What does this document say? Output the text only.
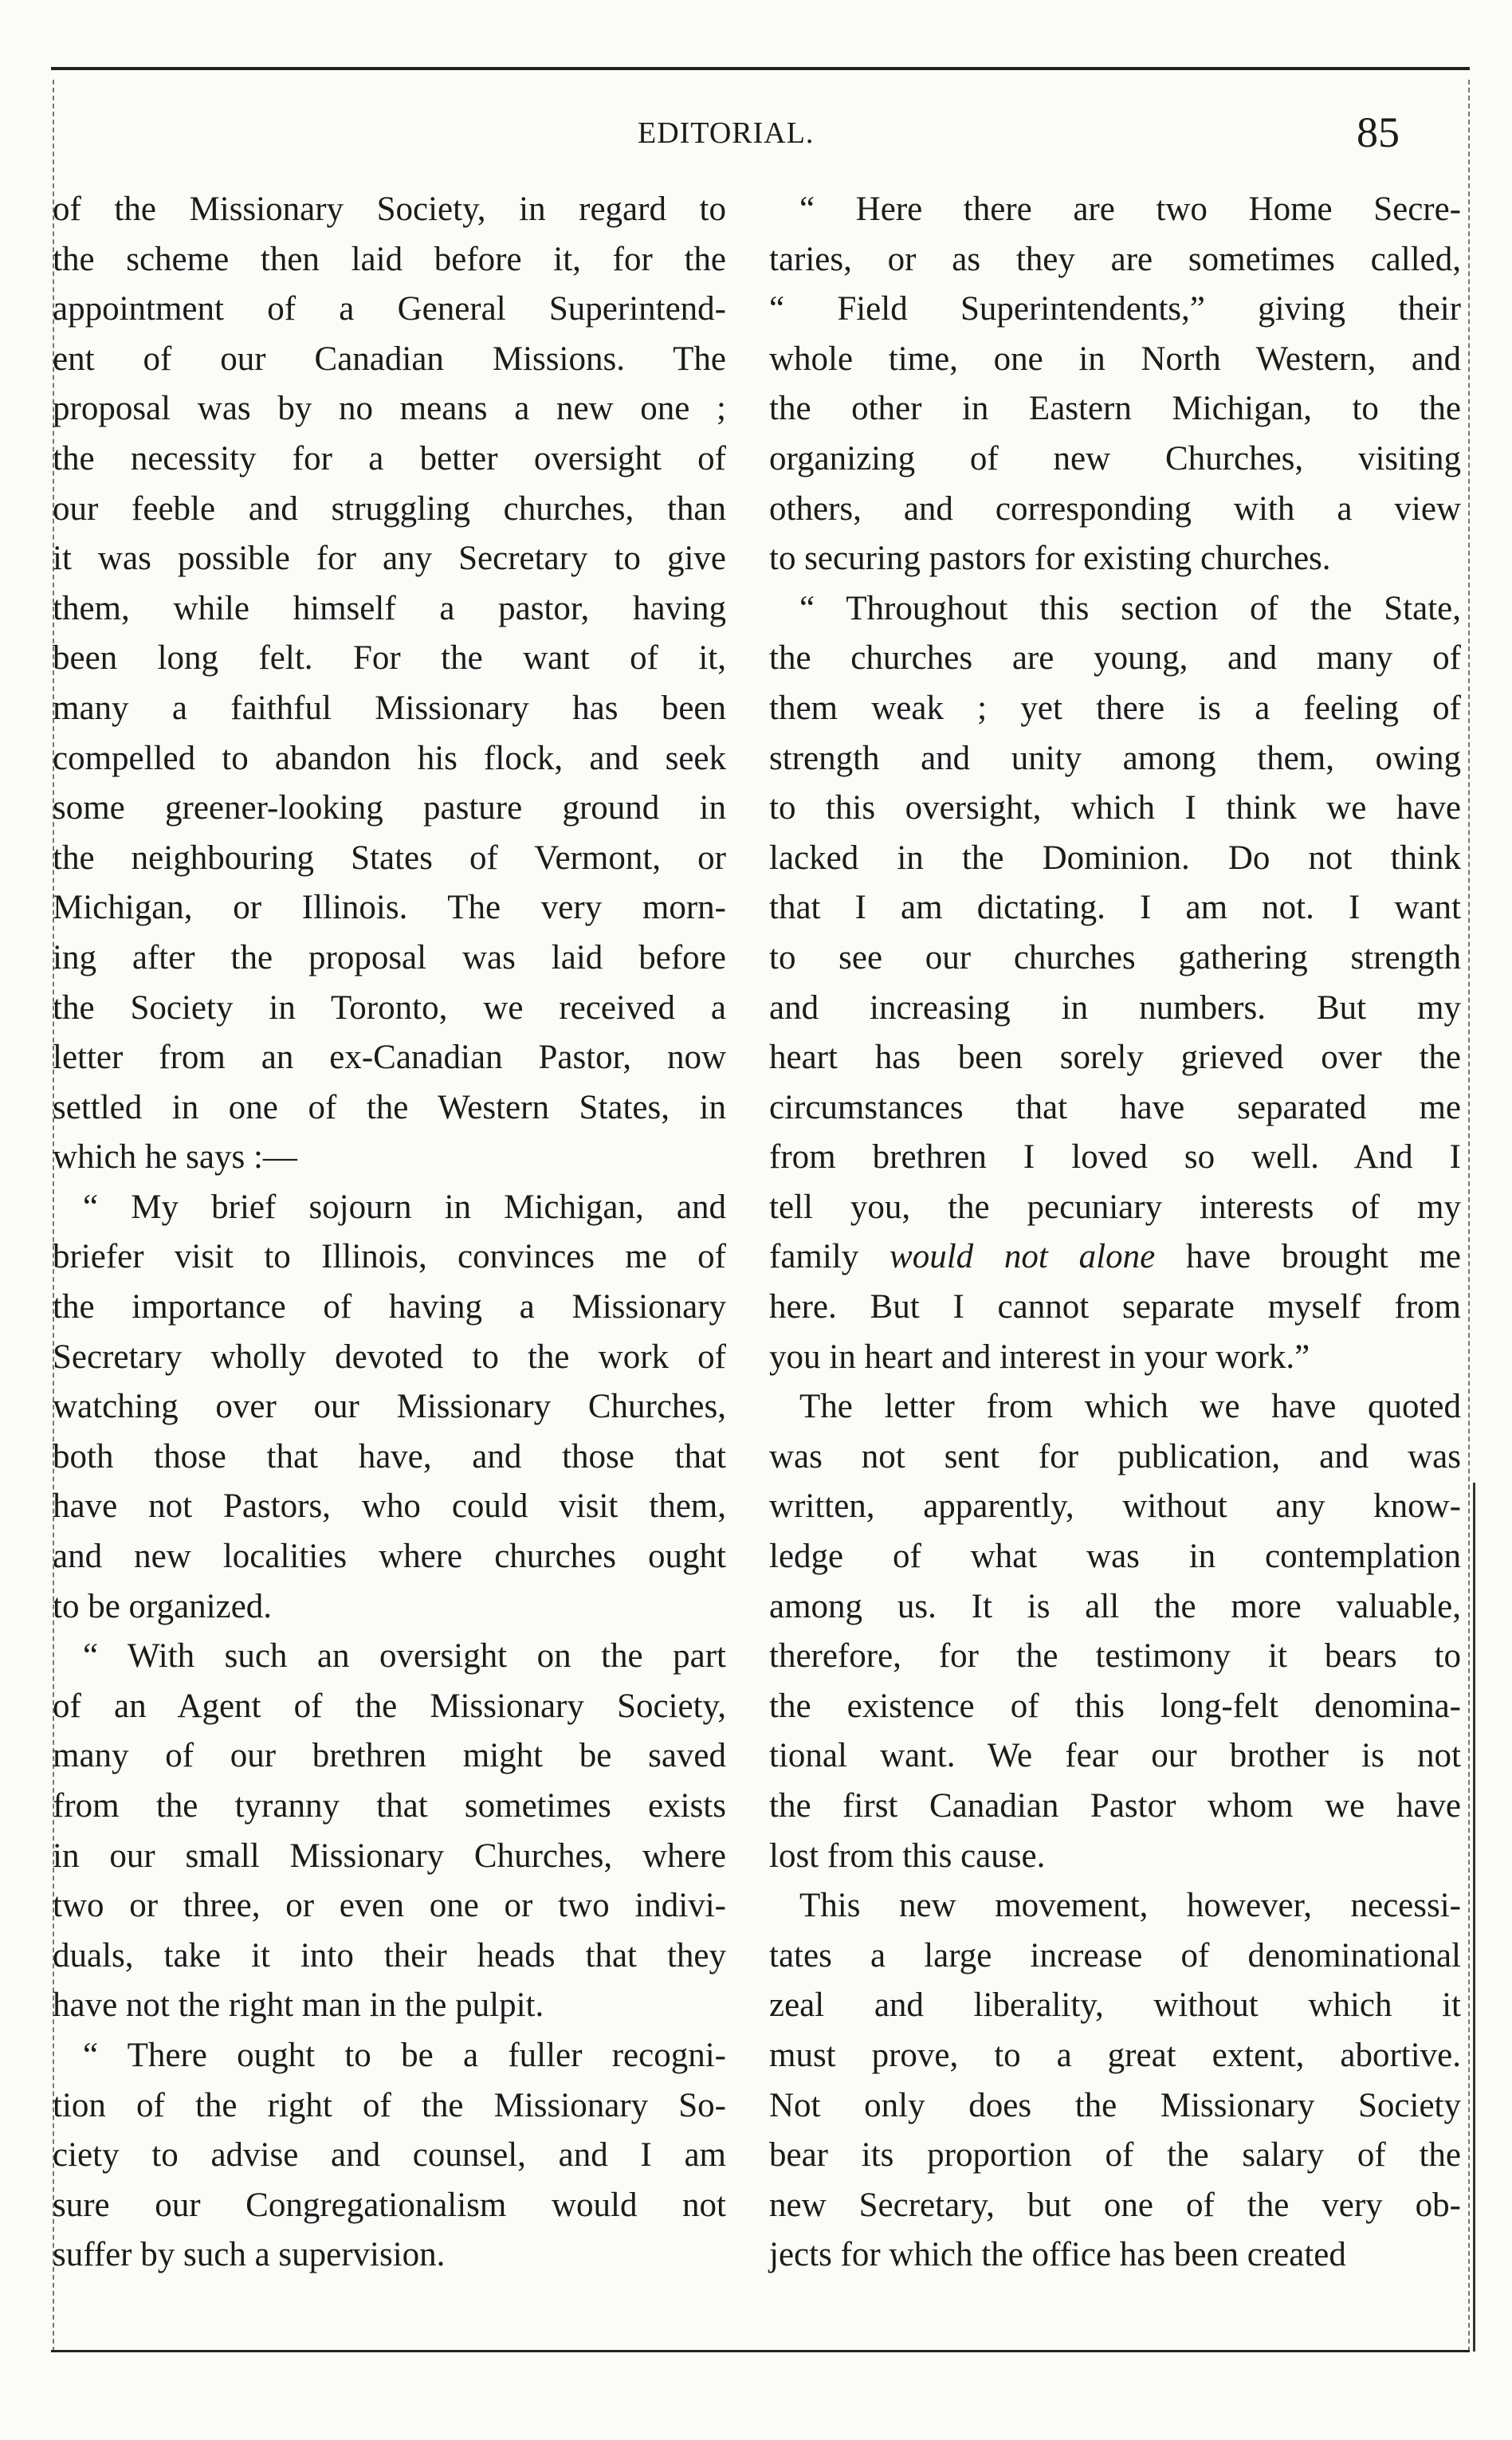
EDITORIAL.	85
of the Missionary Society, in regard to
the scheme then laid before it, for the
appointment of a General Superintend-
ent of our Canadian Missions. The
proposal was by no means a new one ;
the necessity for a better oversight of
our feeble and struggling churches, than
it was possible for any Secretary to give
them, while himself a pastor, having
been long felt. For the want of it,
many a faithful Missionary has been
compelled to abandon his flock, and seek
some greener-looking pasture ground in
the neighbouring States of Vermont, or
Michigan, or Illinois. The very morn-
ing after the proposal was laid before
the Society in Toronto, we received a
letter from an ex-Canadian Pastor, now
settled in one of the Western States, in
which he says :—
“ My brief sojourn in Michigan, and
briefer visit to Illinois, convinces me of
the importance of having a Missionary
Secretary wholly devoted to the work of
watching over our Missionary Churches,
both those that have, and those that
have not Pastors, who could visit them,
and new localities where churches ought
to be organized.
“ With such an oversight on the part
of an Agent of the Missionary Society,
many of our brethren might be saved
from the tyranny that sometimes exists
in our small Missionary Churches, where
two or three, or even one or two indivi-
duals, take it into their heads that they
have not the right man in the pulpit.
“ There ought to be a fuller recogni-
tion of the right of the Missionary So-
ciety to advise and counsel, and I am
sure our Congregationalism would not
suffer by such a supervision.
“ Here there are two Home Secre-
taries, or as they are sometimes called,
“ Field Superintendents,” giving their
whole time, one in North Western, and
the other in Eastern Michigan, to the
organizing of new Churches, visiting
others, and corresponding with a view
to securing pastors for existing churches.
“ Throughout this section of the State,
the churches are young, and many of
them weak ; yet there is a feeling of
strength and unity among them, owing
to this oversight, which I think we have
lacked in the Dominion. Do not think
that I am dictating. I am not. I want
to see our churches gathering strength
and increasing in numbers. But my
heart has been sorely grieved over the
circumstances that have separated me
from brethren I loved so well. And I
tell you, the pecuniary interests of my
family would not alone have brought me
here. But I cannot separate myself from
you in heart and interest in your work.”
The letter from which we have quoted
was not sent for publication, and was
written, apparently, without any know-
ledge of what was in contemplation
among us. It is all the more valuable,
therefore, for the testimony it bears to
the existence of this long-felt denomina-
tional want. We fear our brother is not
the first Canadian Pastor whom we have
lost from this cause.
This new movement, however, necessi-
tates a large increase of denominational
zeal and liberality, without which it
must prove, to a great extent, abortive.
Not only does the Missionary Society
bear its proportion of the salary of the
new Secretary, but one of the very ob-
jects for which the office has been created
